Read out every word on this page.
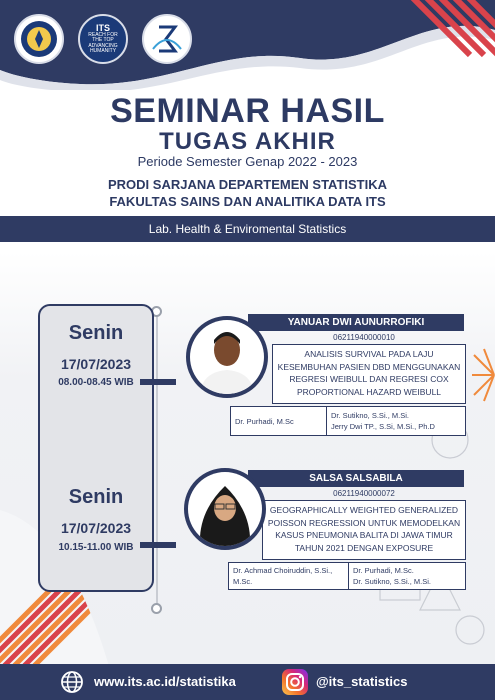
ITS
REACH FOR
THE TOP
ADVANCING HUMANITY
SEMINAR HASIL
TUGAS AKHIR
Periode Semester Genap 2022 - 2023
PRODI SARJANA DEPARTEMEN STATISTIKA
FAKULTAS SAINS DAN ANALITIKA DATA ITS
Lab. Health & Enviromental Statistics
Senin
17/07/2023
08.00-08.45 WIB
Senin
17/07/2023
10.15-11.00 WIB
YANUAR DWI AUNURROFIKI
06211940000010
ANALISIS SURVIVAL PADA LAJU
KESEMBUHAN PASIEN DBD MENGGUNAKAN
REGRESI WEIBULL DAN REGRESI COX
PROPORTIONAL HAZARD WEIBULL
Dr. Purhadi, M.Sc
Dr. Sutikno, S.Si., M.Si.
Jerry Dwi TP., S.Si, M.Si., Ph.D
SALSA SALSABILA
06211940000072
GEOGRAPHICALLY WEIGHTED GENERALIZED
POISSON REGRESSION UNTUK MEMODELKAN
KASUS PNEUMONIA BALITA DI JAWA TIMUR
TAHUN 2021 DENGAN EXPOSURE
Dr. Achmad Choiruddin, S.Si., M.Sc.
Dr. Purhadi, M.Sc.
Dr. Sutikno, S.Si., M.Si.
www.its.ac.id/statistika	@its_statistics
